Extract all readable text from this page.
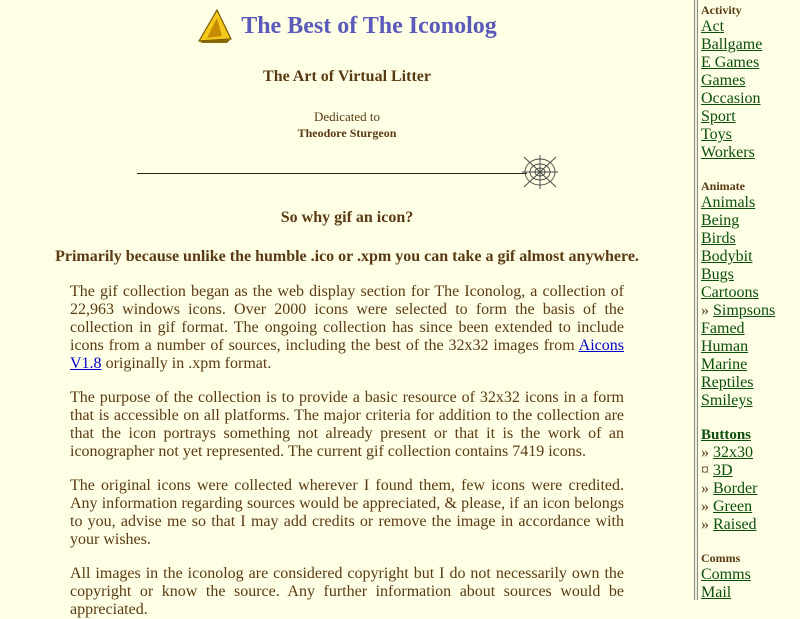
The Best of The Iconolog
The Art of Virtual Litter
Dedicated to
Theodore Sturgeon
So why gif an icon?
Primarily because unlike the humble .ico or .xpm you can take a gif almost anywhere.

The gif collection began as the web display section for The Iconolog, a collection of 22,963 windows icons. Over 2000 icons were selected to form the basis of the collection in gif format. The ongoing collection has since been extended to include icons from a number of sources, including the best of the 32x32 images from Aicons V1.8 originally in .xpm format.

The purpose of the collection is to provide a basic resource of 32x32 icons in a form that is accessible on all platforms. The major criteria for addition to the collection are that the icon portrays something not already present or that it is the work of an iconographer not yet represented. The current gif collection contains 7419 icons.

The original icons were collected wherever I found them, few icons were credited. Any information regarding sources would be appreciated, & please, if an icon belongs to you, advise me so that I may add credits or remove the image in accordance with your wishes.

All images in the iconolog are considered copyright but I do not necessarily own the copyright or know the source. Any further information about sources would be appreciated.

Activity
Act
Ballgame
E Games
Games
Occasion
Sport
Toys
Workers
Animate
Animals
Being
Birds
Bodybit
Bugs
Cartoons
» Simpsons
Famed
Human
Marine
Reptiles
Smileys
Buttons
» 32x30
¤ 3D
» Border
» Green
» Raised
Comms
Comms
Mail
